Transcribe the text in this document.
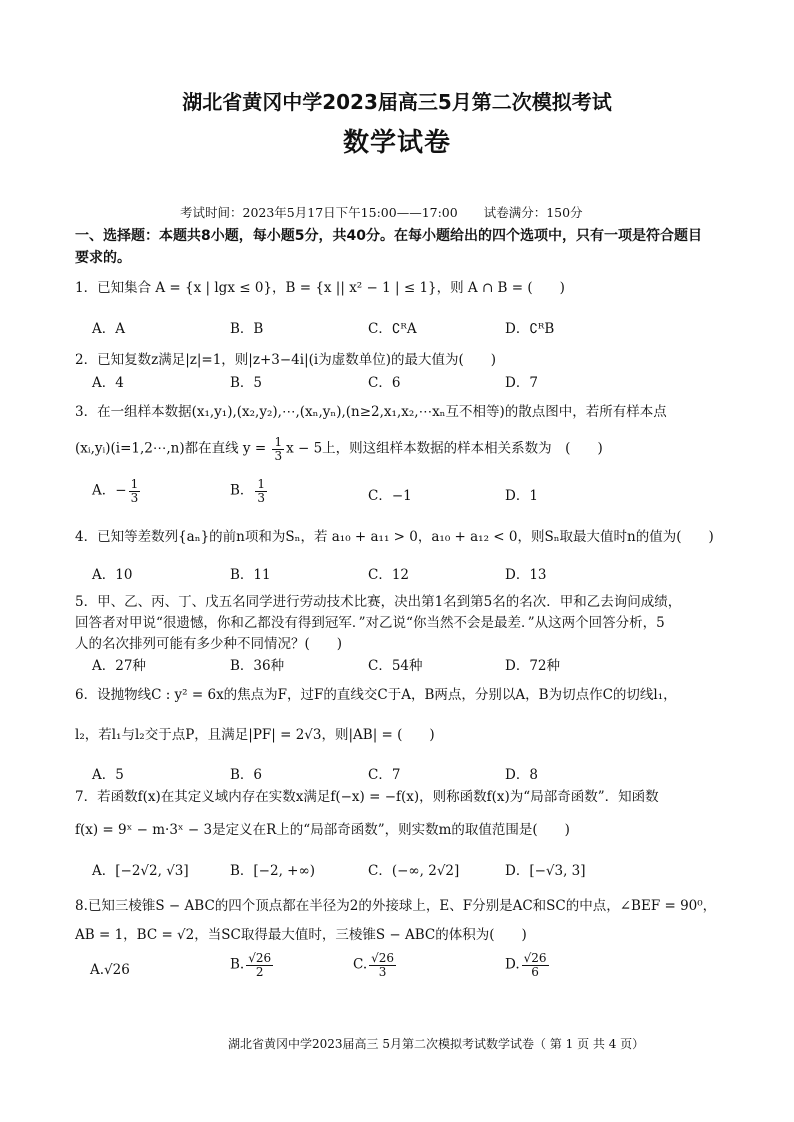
湖北省黄冈中学2023届高三5月第二次模拟考试
数学试卷
考试时间：2023年5月17日下午15:00——17:00 试卷满分：150分
一、选择题：本题共8小题，每小题5分，共40分。在每小题给出的四个选项中，只有一项是符合题目
要求的。
1．已知集合 A = {x | lgx ≤ 0}，B = {x || x² − 1 | ≤ 1}，则 A ∩ B = (　　)
A．A	B．B	C．∁ᴿA	D．∁ᴿB
2．已知复数z满足|z|=1，则|z+3−4i|(i为虚数单位)的最大值为(　　)
A．4	B．5	C．6	D．7
3．在一组样本数据(x₁,y₁),(x₂,y₂),⋯,(xₙ,yₙ),(n≥2,x₁,x₂,⋯xₙ互不相等)的散点图中，若所有样本点
(xᵢ,yᵢ)(i=1,2⋯,n)都在直线 $y = \frac{1}{3}$ x − 5上，则这组样本数据的样本相关系数为　(　　)
A．− $\frac{1}{3}$	B． $\frac{1}{3}$	C．−1	D．1
4．已知等差数列{aₙ}的前n项和为Sₙ，若 a₁₀ + a₁₁ > 0，a₁₀ + a₁₂ < 0，则Sₙ取最大值时n的值为(　　)
A．10	B．11	C．12	D．13
5．甲、乙、丙、丁、戊五名同学进行劳动技术比赛，决出第1名到第5名的名次．甲和乙去询问成绩，
回答者对甲说“很遗憾，你和乙都没有得到冠军．”对乙说“你当然不会是最差．”从这两个回答分析，5
人的名次排列可能有多少种不同情况？(　　)
A．27种	B．36种	C．54种	D．72种
6．设抛物线C : y² = 6x的焦点为F，过F的直线交C于A，B两点，分别以A，B为切点作C的切线l₁，
l₂，若l₁与l₂交于点P，且满足|PF| = 2√3，则|AB| = (　　)
A．5	B．6	C．7	D．8
7．若函数f(x)在其定义域内存在实数x满足f(−x) = −f(x)，则称函数f(x)为“局部奇函数”．知函数
f(x) = 9ˣ − m·3ˣ − 3是定义在R上的“局部奇函数”，则实数m的取值范围是(　　)
A．[−2√2, √3]	B．[−2, +∞)	C．(−∞, 2√2]	D．[−√3, 3]
8.已知三棱锥S − ABC的四个顶点都在半径为2的外接球上，E、F分别是AC和SC的中点，∠BEF = 90⁰，
AB = 1，BC = √2，当SC取得最大值时，三棱锥S − ABC的体积为(　　)
A.√26	B. $\frac{√26}{2}$	C. $\frac{√26}{3}$	D. $\frac{√26}{6}$
湖北省黄冈中学2023届高三 5月第二次模拟考试数学试卷（ 第 1 页 共 4 页）
